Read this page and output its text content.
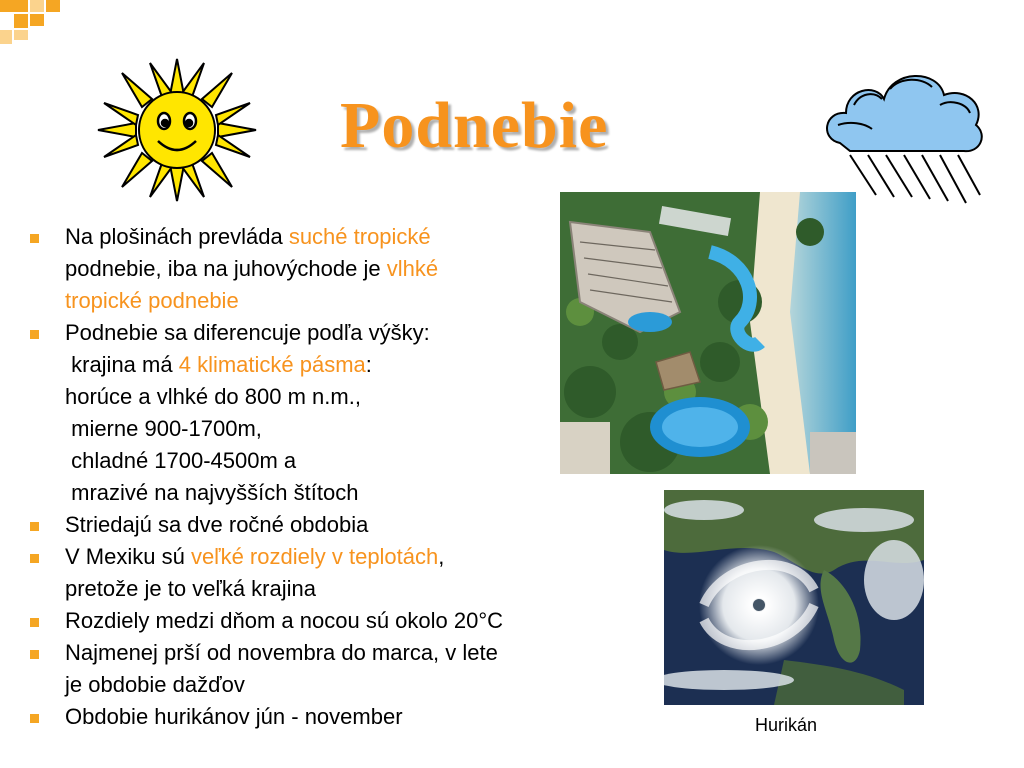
Podnebie
Hurikán
Na plošinách prevláda suché tropické
podnebie, iba na juhovýchode je vlhké
tropické podnebie
Podnebie sa diferencuje podľa výšky:
krajina má 4 klimatické pásma:
horúce a vlhké do 800 m n.m.,
mierne 900-1700m,
chladné 1700-4500m a
mrazivé na najvyšších štítoch
Striedajú sa dve ročné obdobia
V Mexiku sú veľké rozdiely v teplotách,
pretože je to veľká krajina
Rozdiely medzi dňom a nocou sú okolo 20°C
Najmenej prší od novembra do marca, v lete
je obdobie dažďov
Obdobie hurikánov jún - november
